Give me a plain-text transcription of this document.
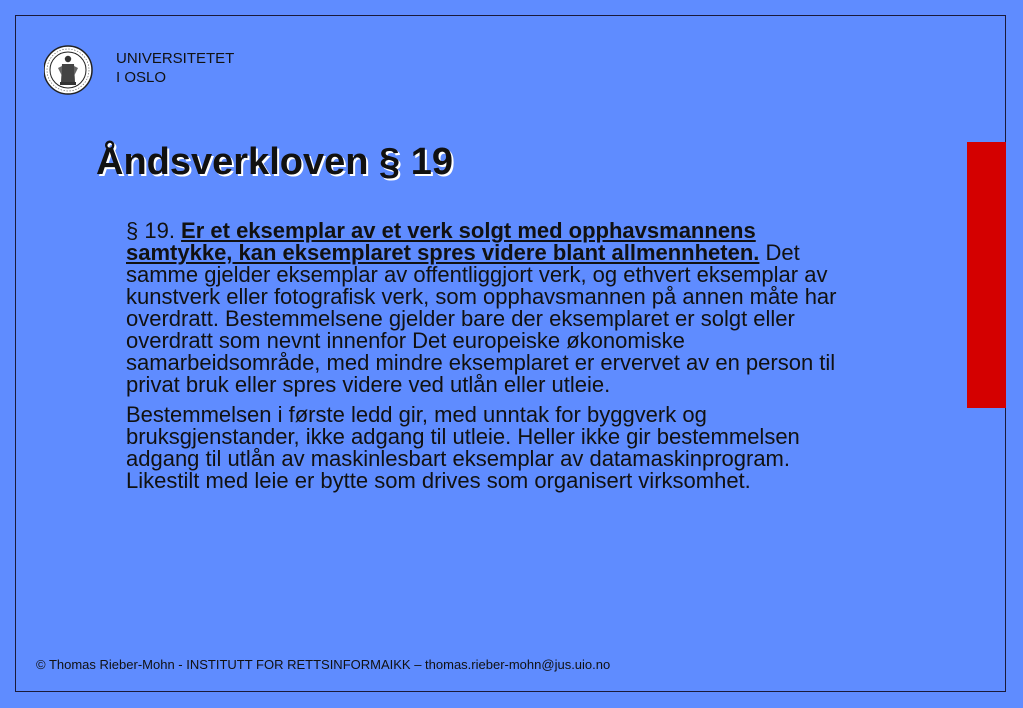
UNIVERSITETET
I OSLO
Åndsverkloven § 19

§ 19. Er et eksemplar av et verk solgt med opphavsmannens samtykke, kan eksemplaret spres videre blant allmennheten. Det samme gjelder eksemplar av offentliggjort verk, og ethvert eksemplar av kunstverk eller fotografisk verk, som opphavsmannen på annen måte har overdratt. Bestemmelsene gjelder bare der eksemplaret er solgt eller overdratt som nevnt innenfor Det europeiske økonomiske samarbeidsområde, med mindre eksemplaret er ervervet av en person til privat bruk eller spres videre ved utlån eller utleie.

Bestemmelsen i første ledd gir, med unntak for byggverk og bruksgjenstander, ikke adgang til utleie. Heller ikke gir bestemmelsen adgang til utlån av maskinlesbart eksemplar av datamaskinprogram. Likestilt med leie er bytte som drives som organisert virksomhet.

© Thomas Rieber-Mohn - INSTITUTT FOR RETTSINFORMAIKK – thomas.rieber-mohn@jus.uio.no
